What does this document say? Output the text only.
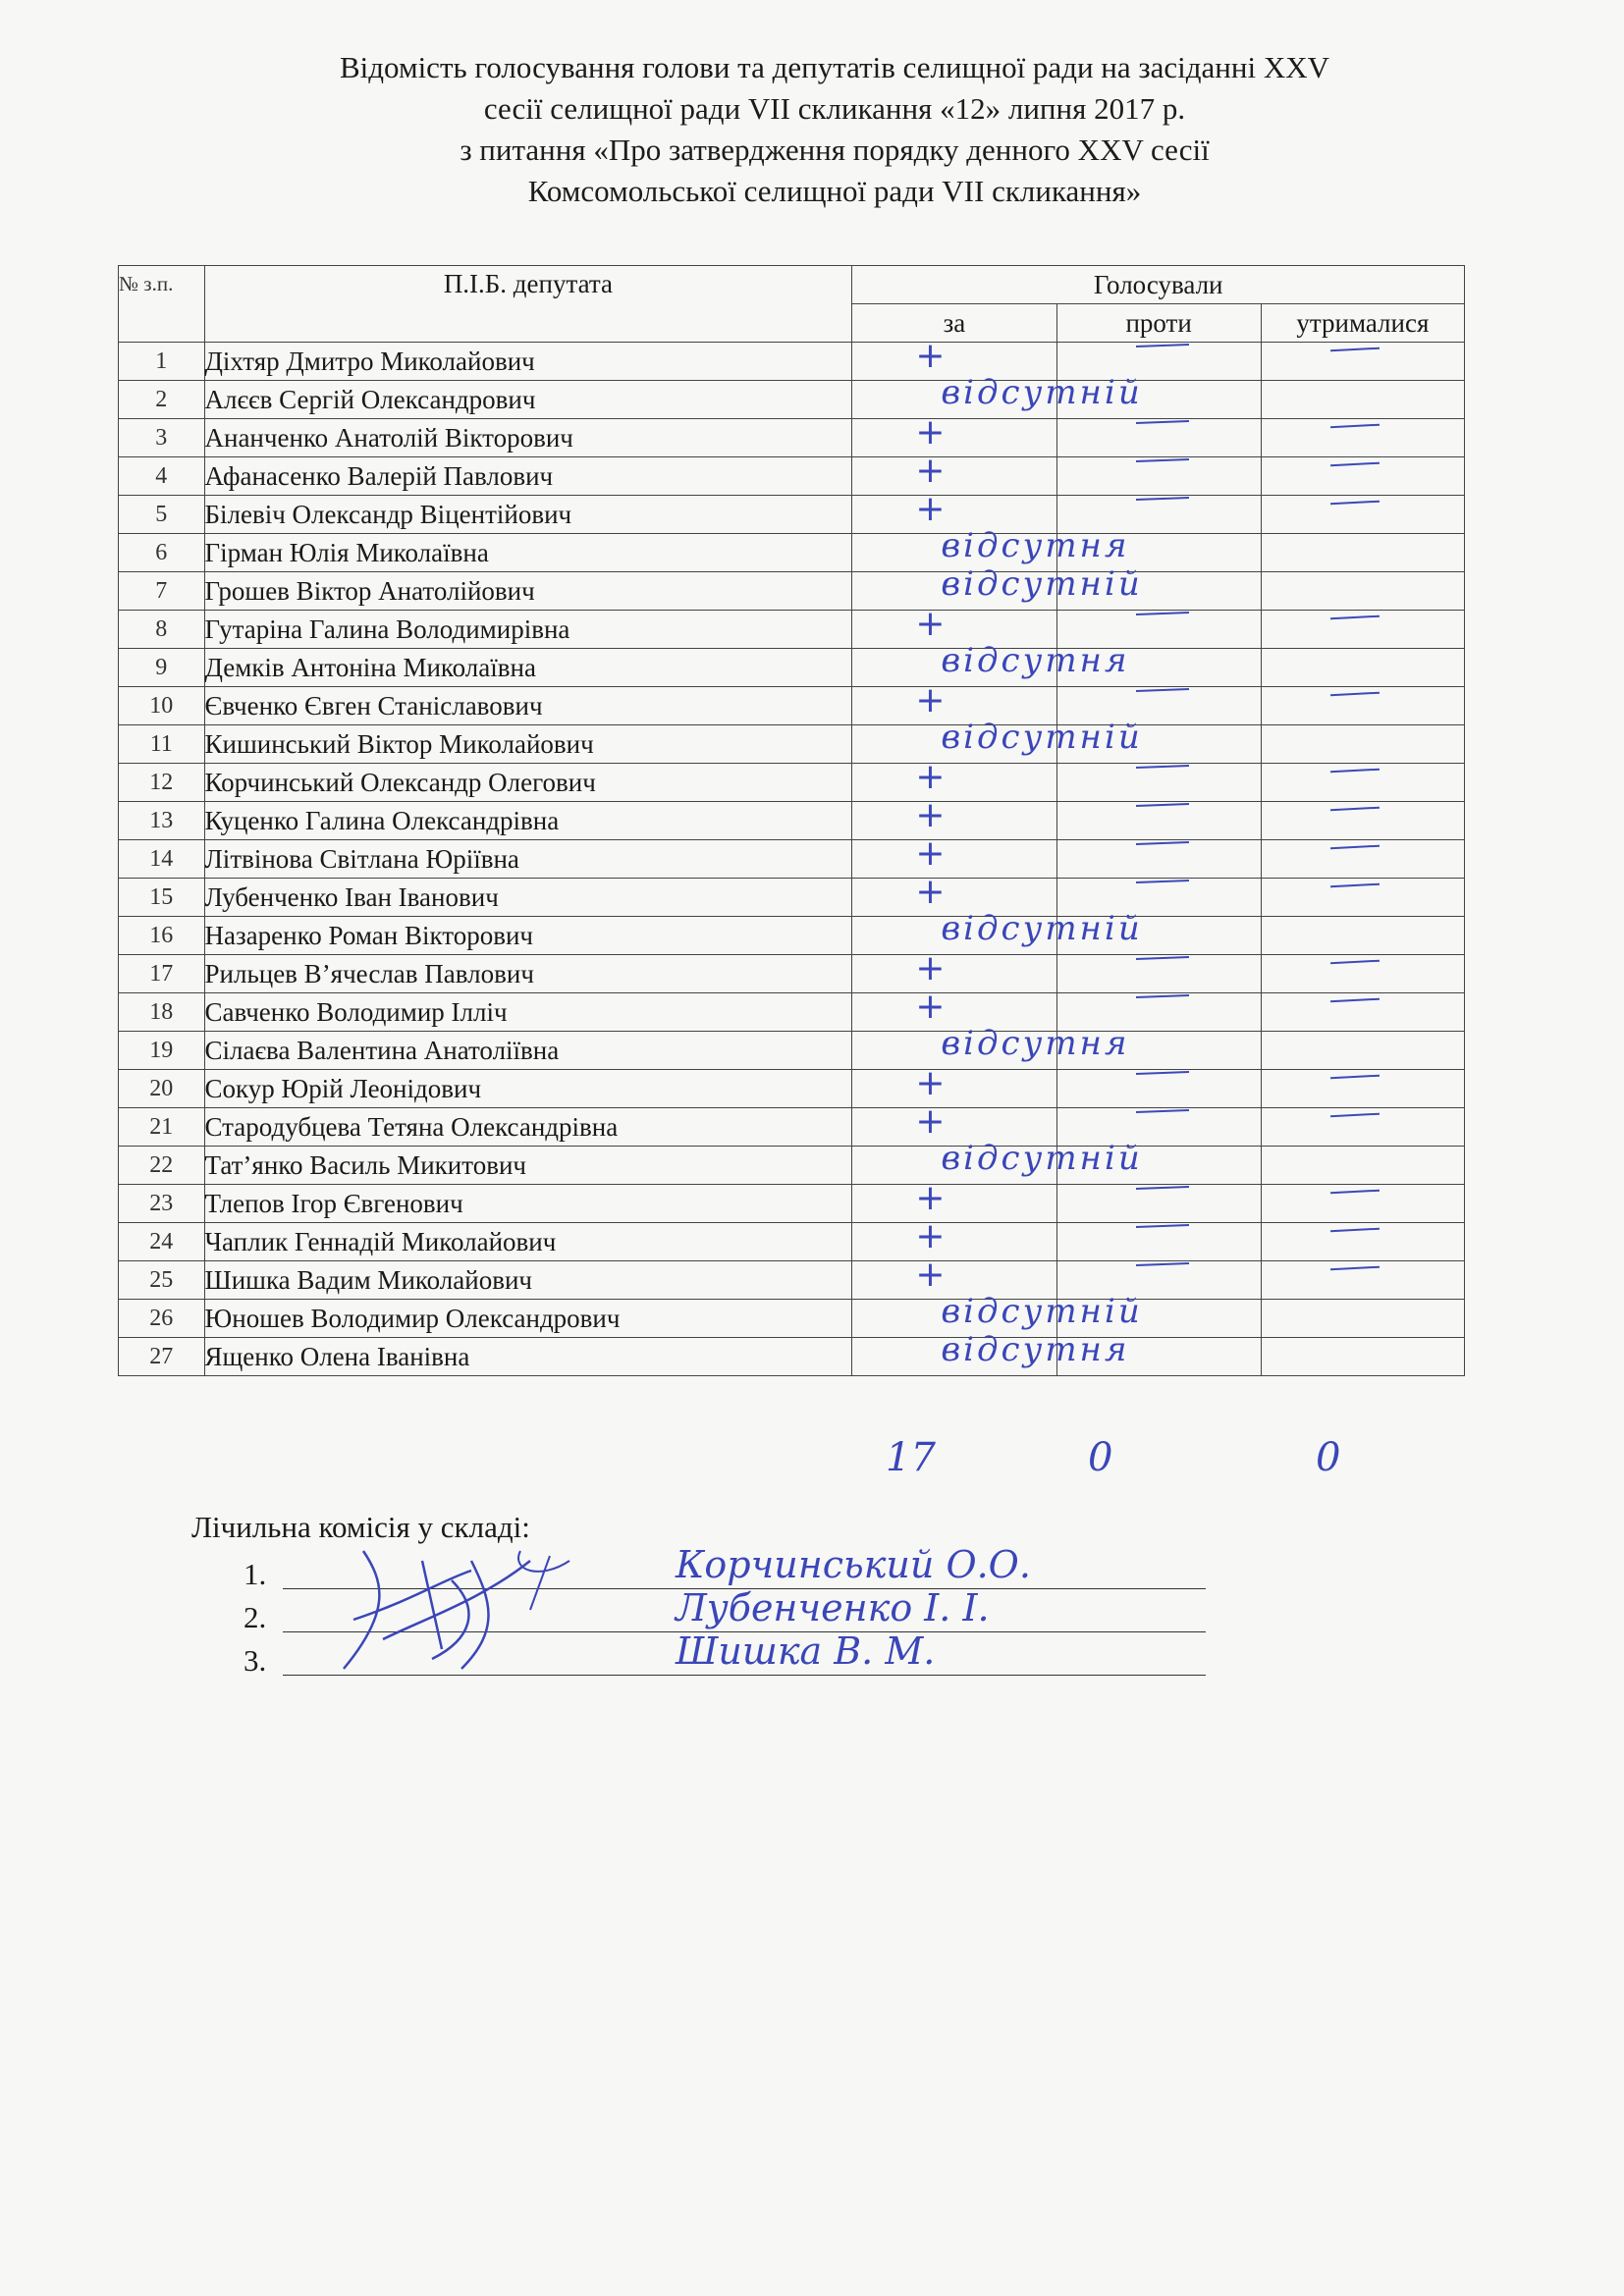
Відомість голосування голови та депутатів селищної ради на засіданні XXV
сесії селищної ради VII скликання «12» липня 2017 р.
з питання «Про затвердження порядку денного XXV сесії
Комсомольської селищної ради VII скликання»
№ з.п.	П.І.Б. депутата	Голосували		
		за	проти	утрималися
1	Діхтяр Дмитро Миколайович	+		

2	Алєєв Сергій Олександрович	відсутній		

3	Ананченко Анатолій Вікторович	+		

4	Афанасенко Валерій Павлович	+		

5	Білевіч Олександр Віцентійович	+		

6	Гірман Юлія Миколаївна	відсутня		

7	Грошев Віктор Анатолійович	відсутній		

8	Гутаріна Галина Володимирівна	+		

9	Демків Антоніна Миколаївна	відсутня		

10	Євченко Євген Станіславович	+		

11	Кишинський Віктор Миколайович	відсутній		

12	Корчинський Олександр Олегович	+		

13	Куценко Галина Олександрівна	+		

14	Літвінова Світлана Юріївна	+		

15	Лубенченко Іван Іванович	+		

16	Назаренко Роман Вікторович	відсутній		

17	Рильцев В’ячеслав Павлович	+		

18	Савченко Володимир Ілліч	+		

19	Сілаєва Валентина Анатоліївна	відсутня		

20	Сокур Юрій Леонідович	+		

21	Стародубцева Тетяна Олександрівна	+		

22	Тат’янко Василь Микитович	відсутній		

23	Тлепов Ігор Євгенович	+		

24	Чаплик Геннадій Миколайович	+		

25	Шишка Вадим Миколайович	+		

26	Юношев Володимир Олександрович	відсутній		

27	Ященко Олена Іванівна	відсутня		

17	0	0
Лічильна комісія у складі:
1.	Корчинський О.О.
2.	Лубенченко І. І.
3.	Шишка В. М.
